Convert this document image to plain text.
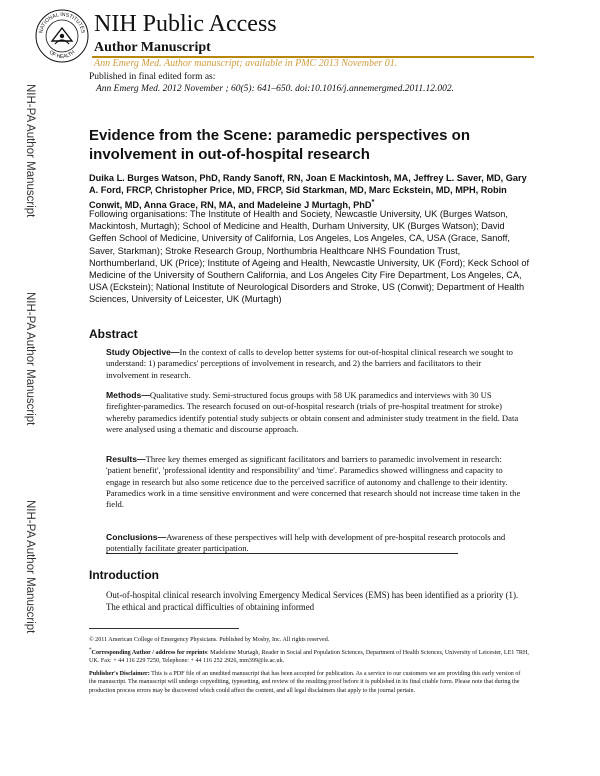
NATIONAL INSTITUTES
OF HEALTH
NIH Public Access
Author Manuscript
Ann Emerg Med. Author manuscript; available in PMC 2013 November 01.
Published in final edited form as:
Ann Emerg Med. 2012 November ; 60(5): 641–650. doi:10.1016/j.annemergmed.2011.12.002.
NIH-PA Author Manuscript
NIH-PA Author Manuscript
NIH-PA Author Manuscript
Evidence from the Scene: paramedic perspectives on involvement in out-of-hospital research
Duika L. Burges Watson, PhD, Randy Sanoff, RN, Joan E Mackintosh, MA, Jeffrey L. Saver, MD, Gary A. Ford, FRCP, Christopher Price, MD, FRCP, Sid Starkman, MD, Marc Eckstein, MD, MPH, Robin Conwit, MD, Anna Grace, RN, MA, and Madeleine J Murtagh, PhD*
Following organisations: The Institute of Health and Society, Newcastle University, UK (Burges Watson, Mackintosh, Murtagh); School of Medicine and Health, Durham University, UK (Burges Watson); David Geffen School of Medicine, University of California, Los Angeles, Los Angeles, CA, USA (Grace, Sanoff, Saver, Starkman); Stroke Research Group, Northumbria Healthcare NHS Foundation Trust, Northumberland, UK (Price); Institute of Ageing and Health, Newcastle University, UK (Ford); Keck School of Medicine of the University of Southern California, and Los Angeles City Fire Department, Los Angeles, CA, USA (Eckstein); National Institute of Neurological Disorders and Stroke, US (Conwit); Department of Health Sciences, University of Leicester, UK (Murtagh)
Abstract
Study Objective—In the context of calls to develop better systems for out-of-hospital clinical research we sought to understand: 1) paramedics' perceptions of involvement in research, and 2) the barriers and facilitators to their involvement in research.
Methods—Qualitative study. Semi-structured focus groups with 58 UK paramedics and interviews with 30 US firefighter-paramedics. The research focused on out-of-hospital research (trials of pre-hospital treatment for stroke) whereby paramedics identify potential study subjects or obtain consent and administer study treatment in the field. Data were analysed using a thematic and discourse approach.
Results—Three key themes emerged as significant facilitators and barriers to paramedic involvement in research: 'patient benefit', 'professional identity and responsibility' and 'time'. Paramedics showed willingness and capacity to engage in research but also some reticence due to the perceived sacrifice of autonomy and challenge to their identity. Paramedics work in a time sensitive environment and were concerned that research should not increase time taken in the field.
Conclusions—Awareness of these perspectives will help with development of pre-hospital research protocols and potentially facilitate greater participation.
Introduction
Out-of-hospital clinical research involving Emergency Medical Services (EMS) has been identified as a priority (1). The ethical and practical difficulties of obtaining informed
© 2011 American College of Emergency Physicians. Published by Mosby, Inc. All rights reserved.
*Corresponding Author / address for reprints: Madeleine Murtagh, Reader in Social and Population Sciences, Department of Health Sciences, University of Leicester, LE1 7RH, UK. Fax: + 44 116 229 7250, Telephone: + 44 116 252 2926, mm399@le.ac.uk.
Publisher's Disclaimer: This is a PDF file of an unedited manuscript that has been accepted for publication. As a service to our customers we are providing this early version of the manuscript. The manuscript will undergo copyediting, typesetting, and review of the resulting proof before it is published in its final citable form. Please note that during the production process errors may be discovered which could affect the content, and all legal disclaimers that apply to the journal pertain.
